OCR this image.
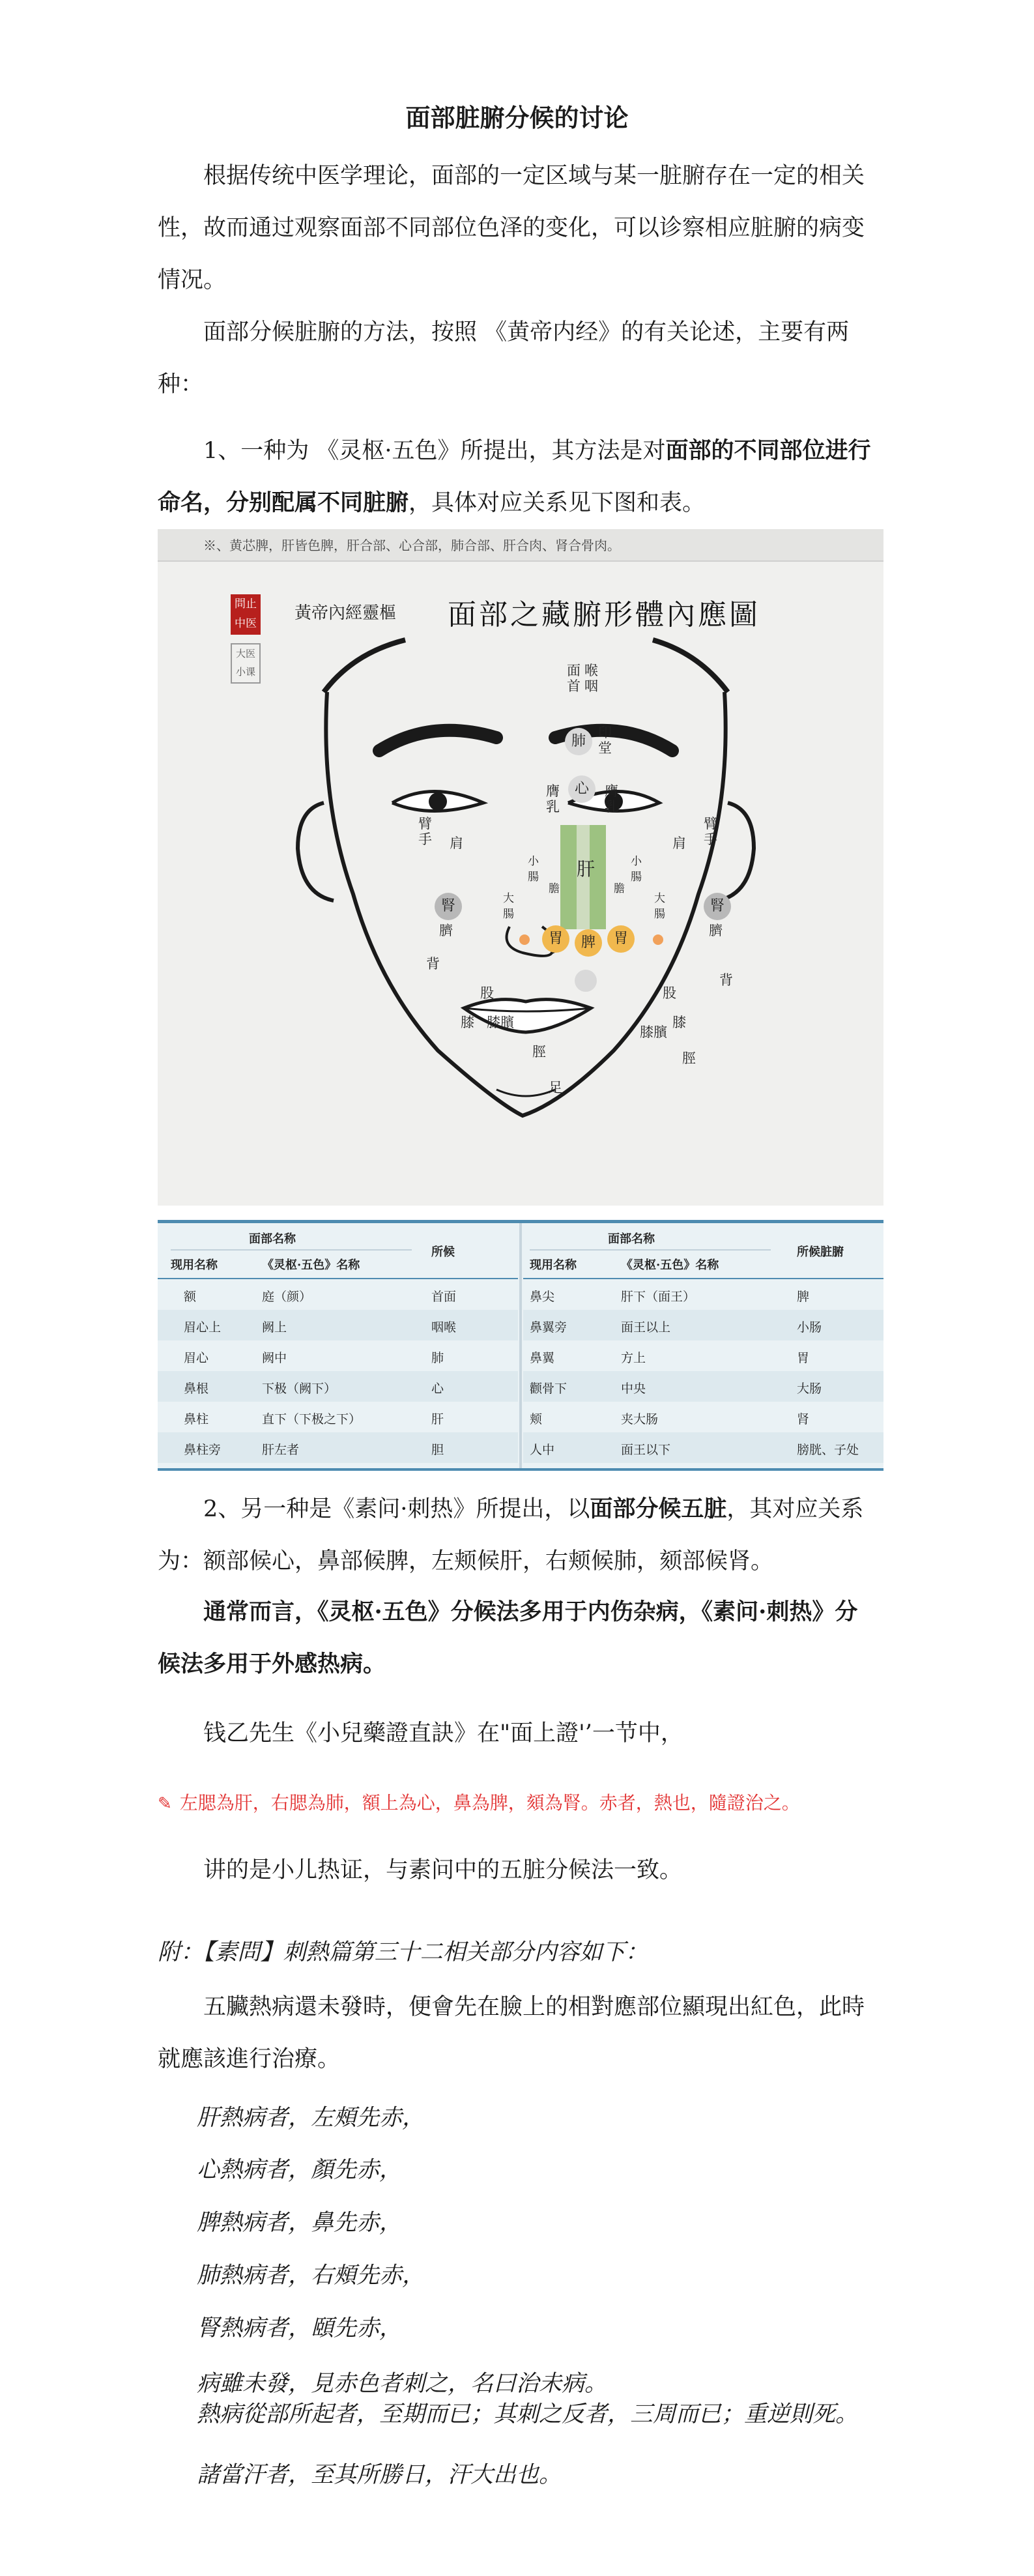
面部脏腑分候的讨论

根据传统中医学理论，面部的一定区域与某一脏腑存在一定的相关性，故而通过观察面部不同部位色泽的变化，可以诊察相应脏腑的病变情况。

面部分候脏腑的方法，按照 《黄帝内经》的有关论述，主要有两种：

1、一种为 《灵枢·五色》所提出，其方法是对面部的不同部位进行命名，分别配属不同脏腑，具体对应关系见下图和表。

※、黄芯脾，肝皆色脾，肝合部、心合部，肺合部、肝合肉、肾合骨肉。
問止中医
大医小课
黃帝內經靈樞 面部之藏腑形體內應圖
面首
喉咽
肺
印堂
心
膺乳
膺乳
臂手 肩
臂手
肩
小腸
小腸
肝
膽	膽
腎
臍
腎
臍
大腸
大腸
胃	脾	胃
背
背
股	股
膝	膝
膝臏
膝臏
脛
足
脛
面部名称
现用名称	《灵枢·五色》名称
所候
额	庭（颜）	首面
眉心上	阙上	咽喉
眉心	阙中	肺
鼻根	下极（阙下）	心
鼻柱	直下（下极之下）	肝
鼻柱旁	肝左者	胆
面部名称
现用名称	《灵枢·五色》名称
所候脏腑
鼻尖	肝下（面王）	脾
鼻翼旁	面王以上	小肠
鼻翼	方上	胃
颧骨下	中央	大肠
颊	夹大肠	肾
人中	面王以下	膀胱、子处

2、另一种是《素问·刺热》所提出，以面部分候五脏，其对应关系为：额部候心，鼻部候脾，左颊候肝，右颊候肺，颏部候肾。

通常而言，《灵枢·五色》分候法多用于内伤杂病，《素问·刺热》分候法多用于外感热病。

钱乙先生《小兒藥證直訣》在"面上證'’一节中，

✎ 左腮為肝，右腮為肺，額上為心，鼻為脾，頦為腎。赤者，熱也，隨證治之。

讲的是小儿热证，与素问中的五脏分候法一致。

附：【素問】刺熱篇第三十二相关部分内容如下：

五臟熱病還未發時，便會先在臉上的相對應部位顯現出紅色，此時就應該進行治療。

肝熱病者，左頰先赤，
心熱病者，顏先赤，
脾熱病者，鼻先赤，
肺熱病者，右頰先赤，
腎熱病者，頤先赤，
病雖未發，見赤色者刺之，名曰治未病。
熱病從部所起者，至期而已；其刺之反者，三周而已；重逆則死。
諸當汗者，至其所勝日，汗大出也。
